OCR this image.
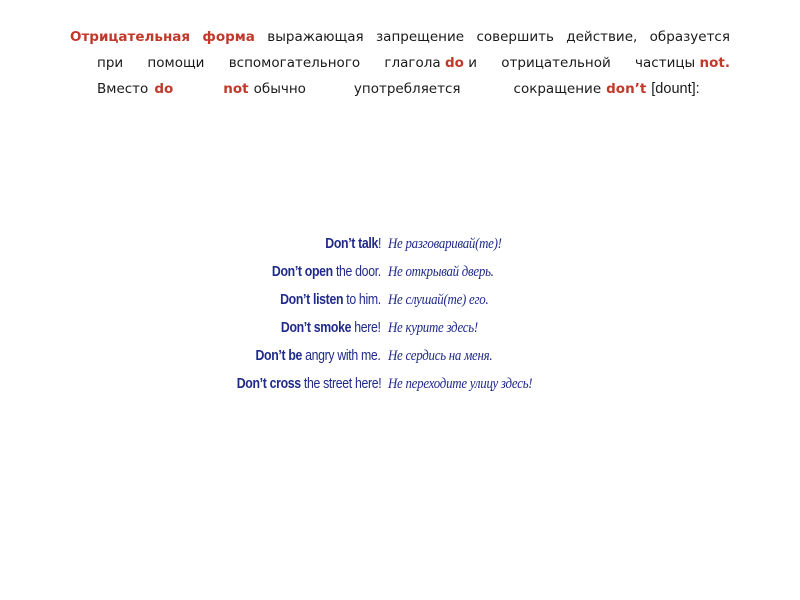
Отрицательная форма выражающая запрещение совершить действие, образуется
при помощи вспомогательного глагола do и отрицательной частицы not.
Вместо do	not обычно	употребляется	сокращение don’t [dount]:
Don’t talk! Не разговаривай(те)!
Don’t open the door. Не открывай дверь.
Don’t listen to him. Не слушай(те) его.
Don’t smoke here! Не курите здесь!
Don’t be angry with me. Не сердись на меня.
Don’t cross the street here! Не переходите улицу здесь!
